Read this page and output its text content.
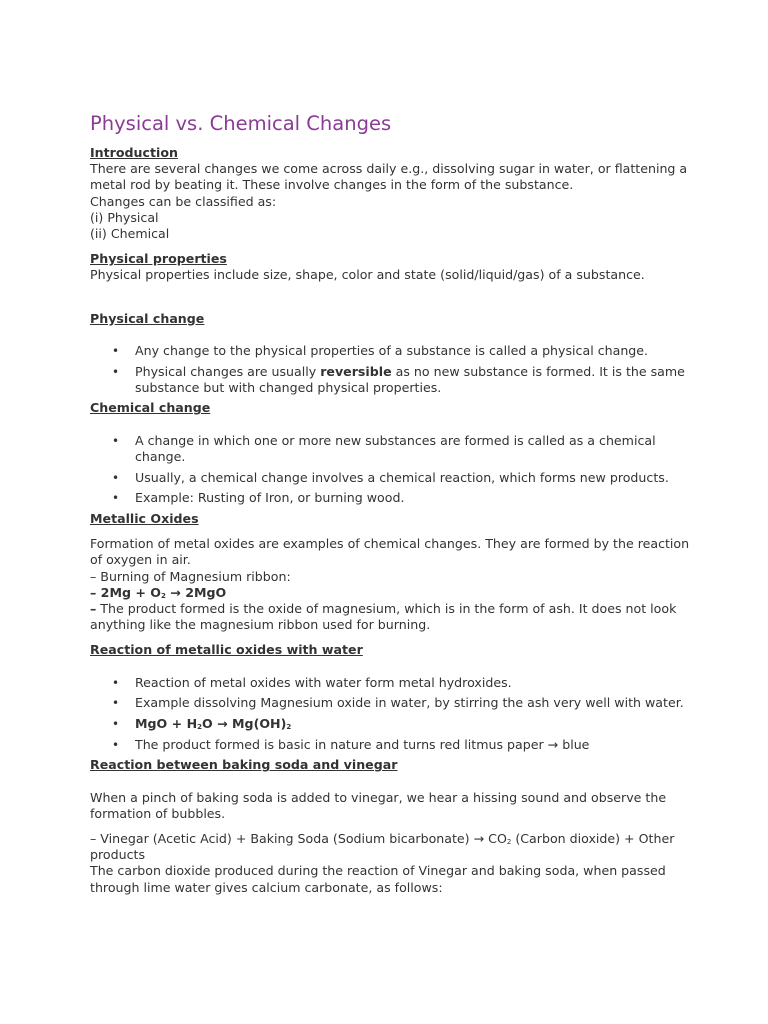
Physical vs. Chemical Changes

Introduction

There are several changes we come across daily e.g., dissolving sugar in water, or flattening a metal rod by beating it. These involve changes in the form of the substance.

Changes can be classified as:

(i) Physical

(ii) Chemical

Physical properties

Physical properties include size, shape, color and state (solid/liquid/gas) of a substance.

Physical change

• Any change to the physical properties of a substance is called a physical change.
• Physical changes are usually reversible as no new substance is formed. It is the same substance but with changed physical properties.

Chemical change

• A change in which one or more new substances are formed is called as a chemical change.
• Usually, a chemical change involves a chemical reaction, which forms new products.
• Example: Rusting of Iron, or burning wood.

Metallic Oxides

Formation of metal oxides are examples of chemical changes. They are formed by the reaction of oxygen in air.

– Burning of Magnesium ribbon:

– $2Mg + O_2 \to 2MgO$

– The product formed is the oxide of magnesium, which is in the form of ash. It does not look anything like the magnesium ribbon used for burning.

Reaction of metallic oxides with water

• Reaction of metal oxides with water form metal hydroxides.
• Example dissolving Magnesium oxide in water, by stirring the ash very well with water.
• MgO + $H_2O \to Mg(OH)_2$
• The product formed is basic in nature and turns red litmus paper → blue

Reaction between baking soda and vinegar

When a pinch of baking soda is added to vinegar, we hear a hissing sound and observe the formation of bubbles.

– Vinegar (Acetic Acid) + Baking Soda (Sodium bicarbonate) → $CO_2$ (Carbon dioxide) + Other products

The carbon dioxide produced during the reaction of Vinegar and baking soda, when passed through lime water gives calcium carbonate, as follows:
